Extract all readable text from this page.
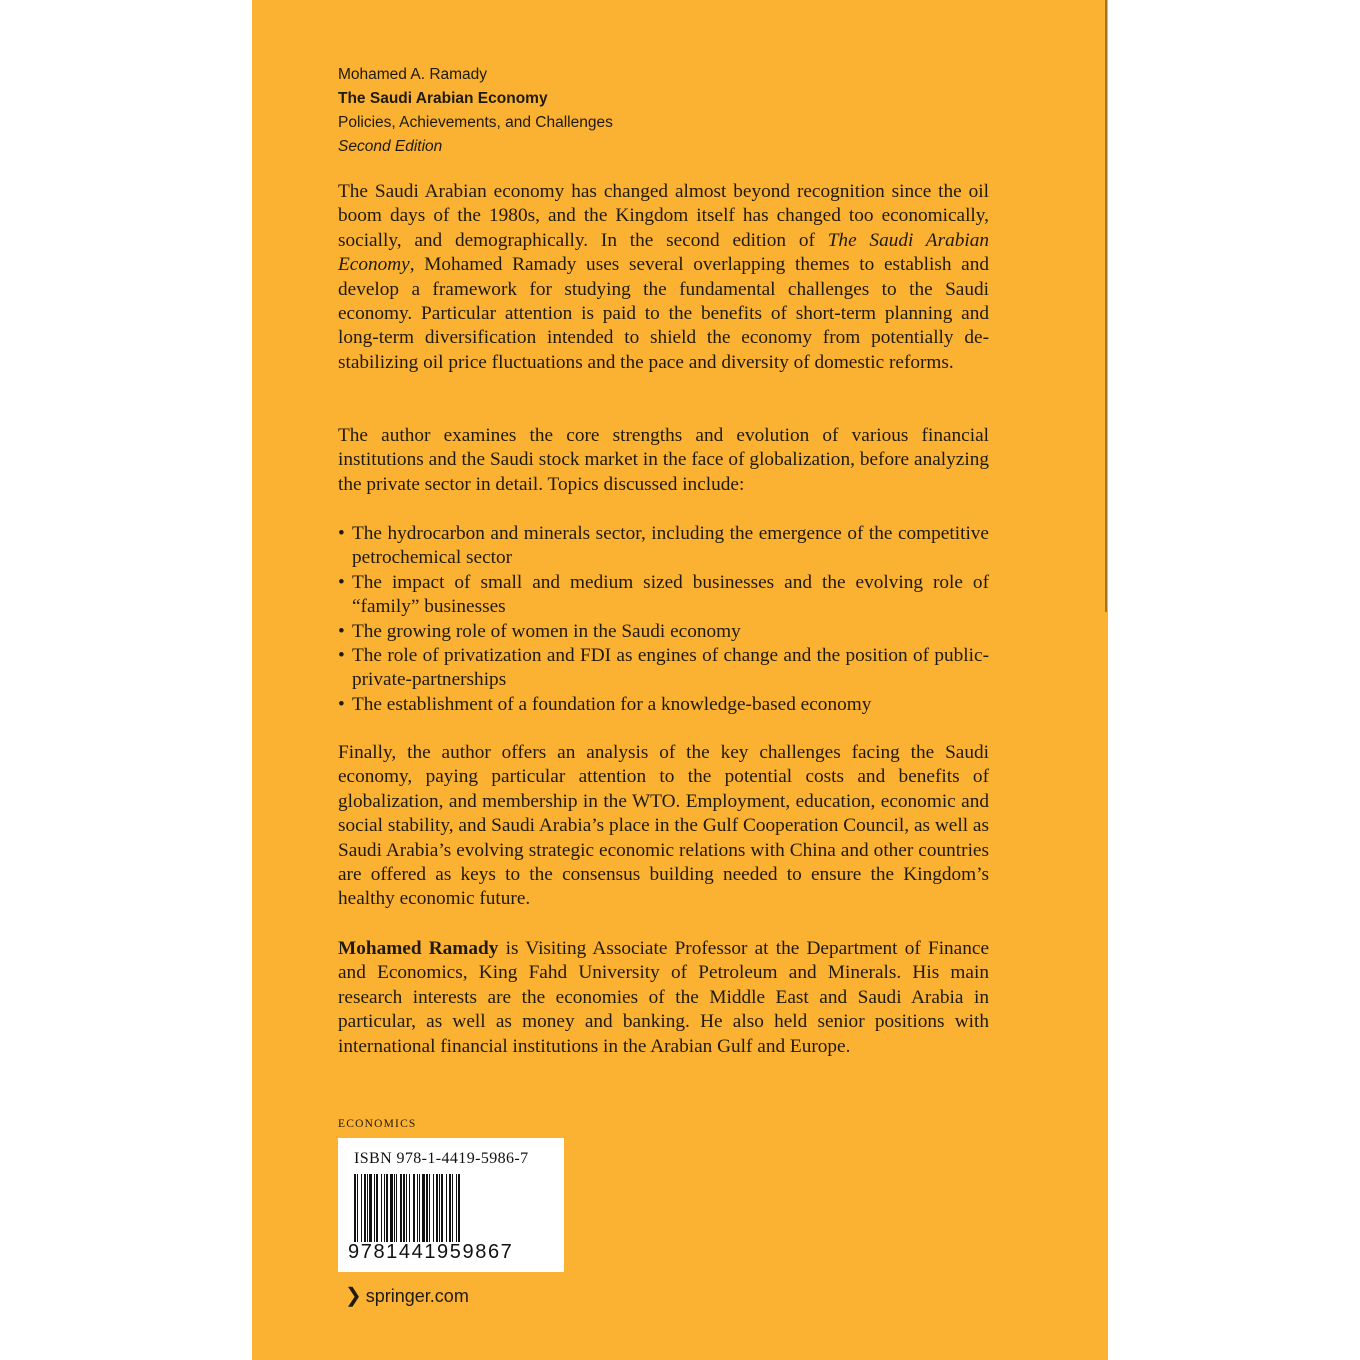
Mohamed A. Ramady
The Saudi Arabian Economy
Policies, Achievements, and Challenges
Second Edition

The Saudi Arabian economy has changed almost beyond recognition since the oil boom days of the 1980s, and the Kingdom itself has changed too economically, socially, and demographically. In the second edition of The Saudi Arabian Economy, Mohamed Ramady uses several overlapping themes to establish and develop a framework for studying the fundamental challenges to the Saudi economy. Particular attention is paid to the benefits of short-term planning and long-term diversification intended to shield the economy from potentially de-stabilizing oil price fluctuations and the pace and diversity of domestic reforms.

The author examines the core strengths and evolution of various financial institutions and the Saudi stock market in the face of globalization, before analyzing the private sector in detail. Topics discussed include:

• The hydrocarbon and minerals sector, including the emergence of the competitive petrochemical sector
• The impact of small and medium sized businesses and the evolving role of “family” businesses
• The growing role of women in the Saudi economy
• The role of privatization and FDI as engines of change and the position of public-private-partnerships
• The establishment of a foundation for a knowledge-based economy

Finally, the author offers an analysis of the key challenges facing the Saudi economy, paying particular attention to the potential costs and benefits of globalization, and membership in the WTO. Employment, education, economic and social stability, and Saudi Arabia’s place in the Gulf Cooperation Council, as well as Saudi Arabia’s evolving strategic economic relations with China and other countries are offered as keys to the consensus building needed to ensure the Kingdom’s healthy economic future.

Mohamed Ramady is Visiting Associate Professor at the Department of Finance and Economics, King Fahd University of Petroleum and Minerals. His main research interests are the economies of the Middle East and Saudi Arabia in particular, as well as money and banking. He also held senior positions with international financial institutions in the Arabian Gulf and Europe.

ECONOMICS
ISBN 978-1-4419-5986-7
9781441959867
❯ springer.com
